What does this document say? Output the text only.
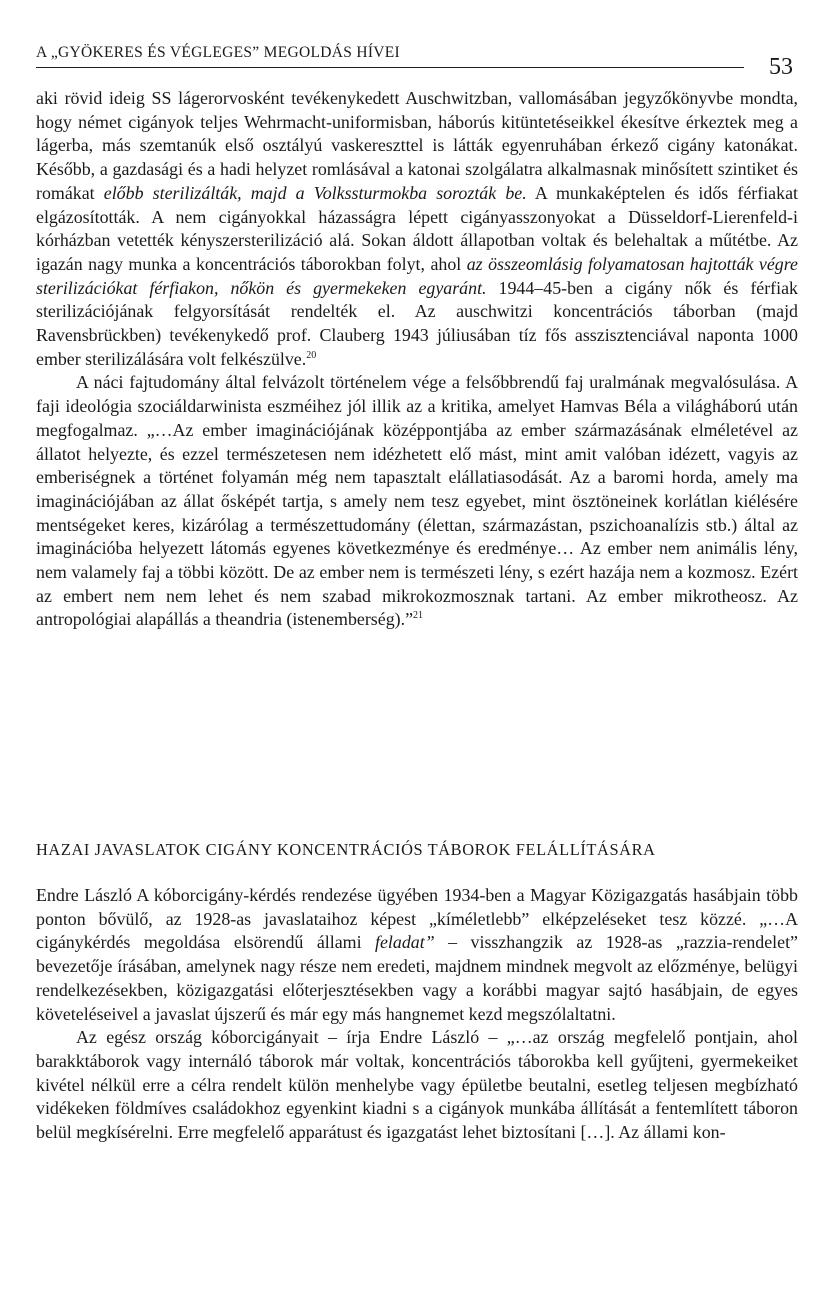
A „GYÖKERES ÉS VÉGLEGES” MEGOLDÁS HÍVEI
53

aki rövid ideig SS lágerorvosként tevékenykedett Auschwitzban, vallomásában jegyzőkönyvbe mondta, hogy német cigányok teljes Wehrmacht-uniformisban, háborús kitüntetéseikkel ékesítve érkeztek meg a lágerba, más szemtanúk első osztályú vaskereszttel is látták egyenruhában érkező cigány katonákat. Később, a gazdasági és a hadi helyzet romlásával a katonai szolgálatra alkalmasnak minősített szintiket és romákat előbb sterilizálták, majd a Volkssturmokba sorozták be. A munkaképtelen és idős férfiakat elgázosították. A nem cigányokkal házasságra lépett cigányasszonyokat a Düsseldorf-Lierenfeld-i kórházban vetették kényszersterilizáció alá. Sokan áldott állapotban voltak és belehaltak a műtétbe. Az igazán nagy munka a koncentrációs táborokban folyt, ahol az összeomlásig folyamatosan hajtották végre sterilizációkat férfiakon, nőkön és gyermekeken egyaránt. 1944–45-ben a cigány nők és férfiak sterilizációjának felgyorsítását rendelték el. Az auschwitzi koncentrációs táborban (majd Ravensbrückben) tevékenykedő prof. Clauberg 1943 júliusában tíz fős asszisztenciával naponta 1000 ember sterilizálására volt felkészülve.$^{20}$

A náci fajtudomány által felvázolt történelem vége a felsőbbrendű faj uralmának megvalósulása. A faji ideológia szociáldarwinista eszméihez jól illik az a kritika, amelyet Hamvas Béla a világháború után megfogalmaz. „…Az ember imaginációjának középpontjába az ember származásának elméletével az állatot helyezte, és ezzel természetesen nem idézhetett elő mást, mint amit valóban idézett, vagyis az emberiségnek a történet folyamán még nem tapasztalt elállatiasodását. Az a baromi horda, amely ma imaginációjában az állat ősképét tartja, s amely nem tesz egyebet, mint ösztöneinek korlátlan kiélésére mentségeket keres, kizárólag a természettudomány (élettan, származástan, pszichoanalízis stb.) által az imaginációba helyezett látomás egyenes következménye és eredménye… Az ember nem animális lény, nem valamely faj a többi között. De az ember nem is természeti lény, s ezért hazája nem a kozmosz. Ezért az embert nem nem lehet és nem szabad mikrokozmosznak tartani. Az ember mikrotheosz. Az antropológiai alapállás a theandria (istenemberség).”$^{21}$

HAZAI JAVASLATOK CIGÁNY KONCENTRÁCIÓS TÁBOROK FELÁLLÍTÁSÁRA

Endre László A kóborcigány-kérdés rendezése ügyében 1934-ben a Magyar Közigazgatás hasábjain több ponton bővülő, az 1928-as javaslataihoz képest „kíméletlebb” elképzeléseket tesz közzé. „…A cigánykérdés megoldása elsörendű állami feladat” – visszhangzik az 1928-as „razzia-rendelet” bevezetője írásában, amelynek nagy része nem eredeti, majdnem mindnek megvolt az előzménye, belügyi rendelkezésekben, közigazgatási előterjesztésekben vagy a korábbi magyar sajtó hasábjain, de egyes követeléseivel a javaslat újszerű és már egy más hangnemet kezd megszólaltatni.

Az egész ország kóborcigányait – írja Endre László – „…az ország megfelelő pontjain, ahol barakktáborok vagy internáló táborok már voltak, koncentrációs táborokba kell gyűjteni, gyermekeiket kivétel nélkül erre a célra rendelt külön menhelybe vagy épületbe beutalni, esetleg teljesen megbízható vidékeken földmíves családokhoz egyenkint kiadni s a cigányok munkába állítását a fentemlített táboron belül megkísérelni. Erre megfelelő apparátust és igazgatást lehet biztosítani […]. Az állami kon-
